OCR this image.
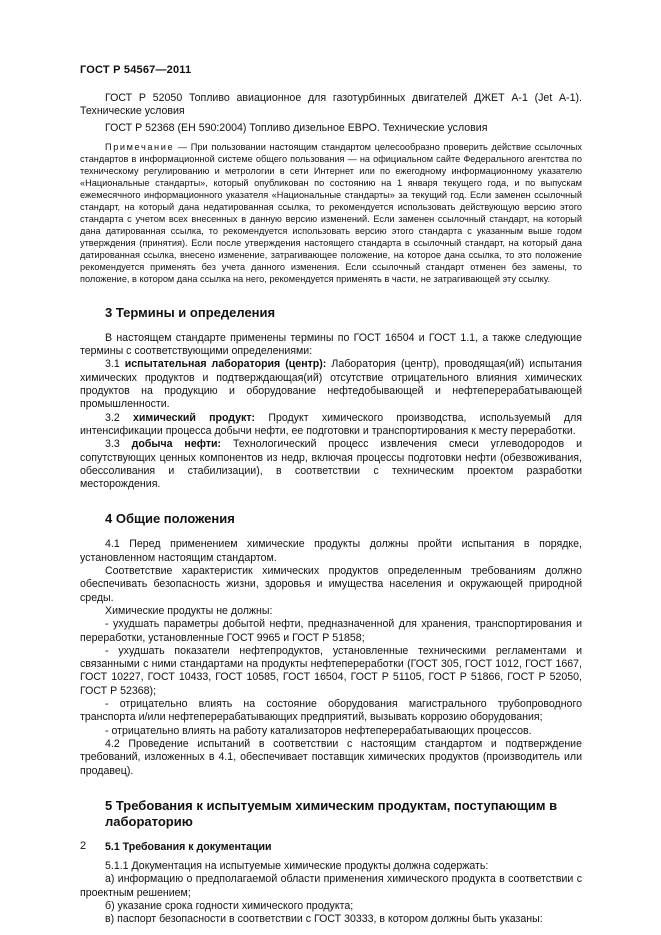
ГОСТ Р 54567—2011

ГОСТ Р 52050 Топливо авиационное для газотурбинных двигателей ДЖЕТ А-1 (Jet А-1). Технические условия

ГОСТ Р 52368 (ЕН 590:2004) Топливо дизельное ЕВРО. Технические условия

Примечание — При пользовании настоящим стандартом целесообразно проверить действие ссылочных стандартов в информационной системе общего пользования — на официальном сайте Федерального агентства по техническому регулированию и метрологии в сети Интернет или по ежегодному информационному указателю «Национальные стандарты», который опубликован по состоянию на 1 января текущего года, и по выпускам ежемесячного информационного указателя «Национальные стандарты» за текущий год. Если заменен ссылочный стандарт, на который дана недатированная ссылка, то рекомендуется использовать действующую версию этого стандарта с учетом всех внесенных в данную версию изменений. Если заменен ссылочный стандарт, на который дана датированная ссылка, то рекомендуется использовать версию этого стандарта с указанным выше годом утверждения (принятия). Если после утверждения настоящего стандарта в ссылочный стандарт, на который дана датированная ссылка, внесено изменение, затрагивающее положение, на которое дана ссылка, то это положение рекомендуется применять без учета данного изменения. Если ссылочный стандарт отменен без замены, то положение, в котором дана ссылка на него, рекомендуется применять в части, не затрагивающей эту ссылку.

3 Термины и определения

В настоящем стандарте применены термины по ГОСТ 16504 и ГОСТ 1.1, а также следующие термины с соответствующими определениями:

3.1 испытательная лаборатория (центр): Лаборатория (центр), проводящая(ий) испытания химических продуктов и подтверждающая(ий) отсутствие отрицательного влияния химических продуктов на продукцию и оборудование нефтедобывающей и нефтеперерабатывающей промышленности.

3.2 химический продукт: Продукт химического производства, используемый для интенсификации процесса добычи нефти, ее подготовки и транспортирования к месту переработки.

3.3 добыча нефти: Технологический процесс извлечения смеси углеводородов и сопутствующих ценных компонентов из недр, включая процессы подготовки нефти (обезвоживания, обессоливания и стабилизации), в соответствии с техническим проектом разработки месторождения.

4 Общие положения

4.1 Перед применением химические продукты должны пройти испытания в порядке, установленном настоящим стандартом.

Соответствие характеристик химических продуктов определенным требованиям должно обеспечивать безопасность жизни, здоровья и имущества населения и окружающей природной среды.

Химические продукты не должны:

- ухудшать параметры добытой нефти, предназначенной для хранения, транспортирования и переработки, установленные ГОСТ 9965 и ГОСТ Р 51858;

- ухудшать показатели нефтепродуктов, установленные техническими регламентами и связанными с ними стандартами на продукты нефтепереработки (ГОСТ 305, ГОСТ 1012, ГОСТ 1667, ГОСТ 10227, ГОСТ 10433, ГОСТ 10585, ГОСТ 16504, ГОСТ Р 51105, ГОСТ Р 51866, ГОСТ Р 52050, ГОСТ Р 52368);

- отрицательно влиять на состояние оборудования магистрального трубопроводного транспорта и/или нефтеперерабатывающих предприятий, вызывать коррозию оборудования;

- отрицательно влиять на работу катализаторов нефтеперерабатывающих процессов.

4.2 Проведение испытаний в соответствии с настоящим стандартом и подтверждение требований, изложенных в 4.1, обеспечивает поставщик химических продуктов (производитель или продавец).

5 Требования к испытуемым химическим продуктам, поступающим в лабораторию
5.1 Требования к документации

5.1.1 Документация на испытуемые химические продукты должна содержать:

а) информацию о предполагаемой области применения химического продукта в соответствии с проектным решением;

б) указание срока годности химического продукта;

в) паспорт безопасности в соответствии с ГОСТ 30333, в котором должны быть указаны:

2
